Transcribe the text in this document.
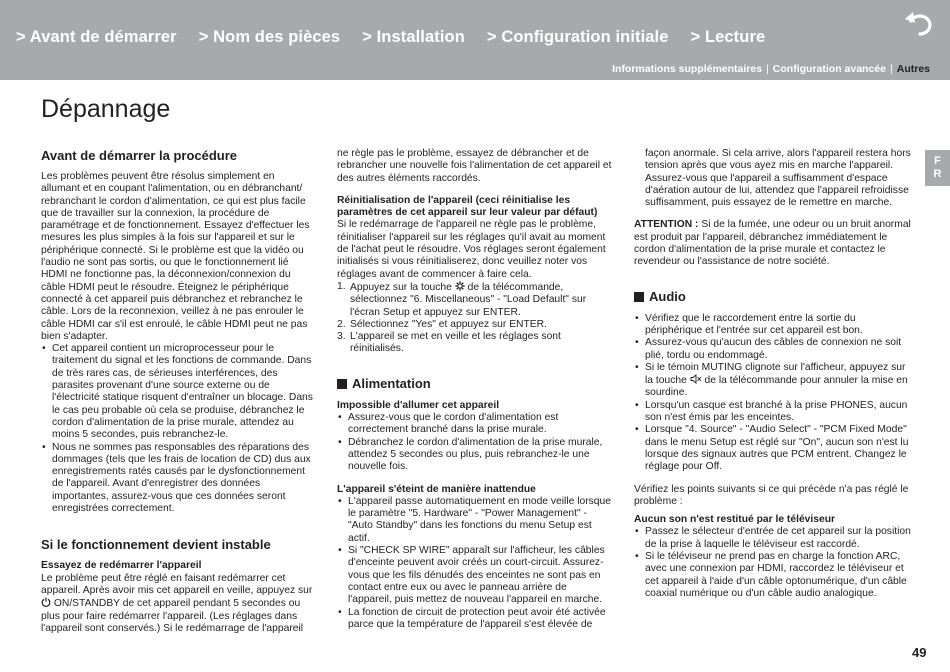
> Avant de démarrer > Nom des pièces > Installation > Configuration initiale > Lecture
Informations supplémentaires | Configuration avancée | Autres
Dépannage
F
R
Avant de démarrer la procédure

Les problèmes peuvent être résolus simplement en allumant et en coupant l'alimentation, ou en débranchant/ rebranchant le cordon d'alimentation, ce qui est plus facile que de travailler sur la connexion, la procédure de paramétrage et de fonctionnement. Essayez d'effectuer les mesures les plus simples à la fois sur l'appareil et sur le périphérique connecté. Si le problème est que la vidéo ou l'audio ne sont pas sortis, ou que le fonctionnement lié HDMI ne fonctionne pas, la déconnexion/connexion du câble HDMI peut le résoudre. Éteignez le périphérique connecté à cet appareil puis débranchez et rebranchez le câble. Lors de la reconnexion, veillez à ne pas enrouler le câble HDMI car s'il est enroulé, le câble HDMI peut ne pas bien s'adapter.

• Cet appareil contient un microprocesseur pour le traitement du signal et les fonctions de commande. Dans de très rares cas, de sérieuses interférences, des parasites provenant d'une source externe ou de l'électricité statique risquent d'entraîner un blocage. Dans le cas peu probable où cela se produise, débranchez le cordon d'alimentation de la prise murale, attendez au moins 5 secondes, puis rebranchez-le.
• Nous ne sommes pas responsables des réparations des dommages (tels que les frais de location de CD) dus aux enregistrements ratés causés par le dysfonctionnement de l'appareil. Avant d'enregistrer des données importantes, assurez-vous que ces données seront enregistrées correctement.
Si le fonctionnement devient instable
Essayez de redémarrer l'appareil

Le problème peut être réglé en faisant redémarrer cet appareil. Après avoir mis cet appareil en veille, appuyez sur
ON/STANDBY de cet appareil pendant 5 secondes ou plus pour faire redémarrer l'appareil. (Les réglages dans l'appareil sont conservés.) Si le redémarrage de l'appareil

ne règle pas le problème, essayez de débrancher et de rebrancher une nouvelle fois l'alimentation de cet appareil et des autres éléments raccordés.

Réinitialisation de l'appareil (ceci réinitialise les paramètres de cet appareil sur leur valeur par défaut)

Si le redémarrage de l'appareil ne règle pas le problème, réinitialiser l'appareil sur les réglages qu'il avait au moment de l'achat peut le résoudre. Vos réglages seront également initialisés si vous réinitialiserez, donc veuillez noter vos réglages avant de commencer à faire cela.

1. Appuyez sur la touche de la télécommande, sélectionnez "6. Miscellaneous" - "Load Default" sur l'écran Setup et appuyez sur ENTER.
2. Sélectionnez "Yes" et appuyez sur ENTER.
3. L'appareil se met en veille et les réglages sont réinitialisés.
Alimentation
Impossible d'allumer cet appareil
• Assurez-vous que le cordon d'alimentation est correctement branché dans la prise murale.
• Débranchez le cordon d'alimentation de la prise murale, attendez 5 secondes ou plus, puis rebranchez-le une nouvelle fois.
L'appareil s'éteint de manière inattendue
• L'appareil passe automatiquement en mode veille lorsque le paramètre "5. Hardware" - "Power Management" - "Auto Standby" dans les fonctions du menu Setup est actif.
• Si "CHECK SP WIRE" apparaît sur l'afficheur, les câbles d'enceinte peuvent avoir créés un court-circuit. Assurez-vous que les fils dénudés des enceintes ne sont pas en contact entre eux ou avec le panneau arrière de l'appareil, puis mettez de nouveau l'appareil en marche.
• La fonction de circuit de protection peut avoir été activée parce que la température de l'appareil s'est élevée de

façon anormale. Si cela arrive, alors l'appareil restera hors tension après que vous ayez mis en marche l'appareil. Assurez-vous que l'appareil a suffisamment d'espace d'aération autour de lui, attendez que l'appareil refroidisse suffisamment, puis essayez de le remettre en marche.

ATTENTION : Si de la fumée, une odeur ou un bruit anormal est produit par l'appareil, débranchez immédiatement le cordon d'alimentation de la prise murale et contactez le revendeur ou l'assistance de notre société.

Audio
• Vérifiez que le raccordement entre la sortie du périphérique et l'entrée sur cet appareil est bon.
• Assurez-vous qu'aucun des câbles de connexion ne soit plié, tordu ou endommagé.
• Si le témoin MUTING clignote sur l'afficheur, appuyez sur la touche de la télécommande pour annuler la mise en sourdine.
• Lorsqu'un casque est branché à la prise PHONES, aucun son n'est émis par les enceintes.
• Lorsque "4. Source" - "Audio Select" - "PCM Fixed Mode" dans le menu Setup est réglé sur "On", aucun son n'est lu lorsque des signaux autres que PCM entrent. Changez le réglage pour Off.

Vérifiez les points suivants si ce qui précède n'a pas réglé le problème :

Aucun son n'est restitué par le téléviseur
• Passez le sélecteur d'entrée de cet appareil sur la position de la prise à laquelle le téléviseur est raccordé.
• Si le téléviseur ne prend pas en charge la fonction ARC, avec une connexion par HDMI, raccordez le téléviseur et cet appareil à l'aide d'un câble optonumérique, d'un câble coaxial numérique ou d'un câble audio analogique.
49
